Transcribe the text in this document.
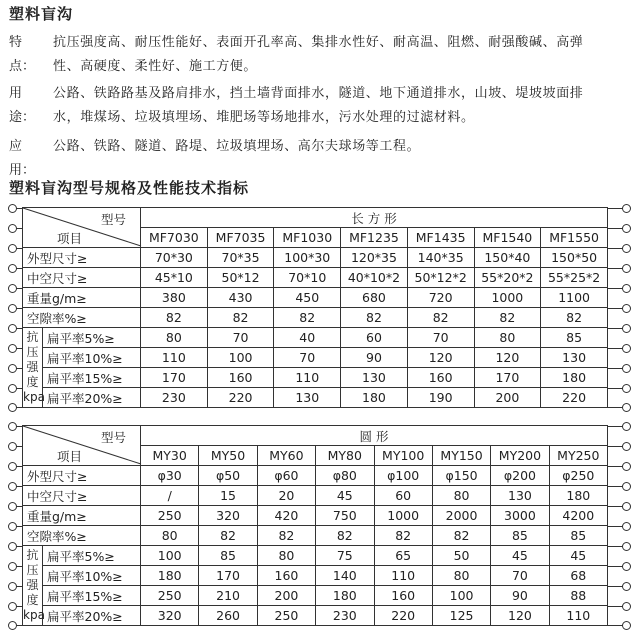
塑料盲沟
特点：
抗压强度高、耐压性能好、表面开孔率高、集排水性好、耐高温、阻燃、耐强酸碱、高弹
性、高硬度、柔性好、施工方便。
用途：
公路、铁路路基及路肩排水，挡土墙背面排水，隧道、地下通道排水，山坡、堤坡坡面排
水，堆煤场、垃圾填埋场、堆肥场等场地排水，污水处理的过滤材料。
应用：
公路、铁路、隧道、路堤、垃圾填埋场、高尔夫球场等工程。
塑料盲沟型号规格及性能技术指标
型号
项目		长 方 形						
		MF7030	MF7035	MF1030	MF1235	MF1435	MF1540	MF1550
外型尺寸≥		70*30	70*35	100*30	120*35	140*35	150*40	150*50
中空尺寸≥		45*10	50*12	70*10	40*10*2	50*12*2	55*20*2	55*25*2
重量g/m≥		380	430	450	680	720	1000	1100
空隙率%≥		82	82	82	82	82	82	82

抗
压
强
度
kpa	扁平率5%≥	80	70	40	60	70	80	85
	扁平率10%≥	110	100	70	90	120	120	130
	扁平率15%≥	170	160	110	130	160	170	180
	扁平率20%≥	230	220	130	180	190	200	220
型号
项目		圆 形							
		MY30	MY50	MY60	MY80	MY100	MY150	MY200	MY250
外型尺寸≥		φ30	φ50	φ60	φ80	φ100	φ150	φ200	φ250
中空尺寸≥		/	15	20	45	60	80	130	180
重量g/m≥		250	320	420	750	1000	2000	3000	4200
空隙率%≥		80	82	82	82	82	82	85	85

抗
压
强
度
kpa	扁平率5%≥	100	85	80	75	65	50	45	45
	扁平率10%≥	180	170	160	140	110	80	70	68
	扁平率15%≥	250	210	200	180	160	100	90	88
	扁平率20%≥	320	260	250	230	220	125	120	110
